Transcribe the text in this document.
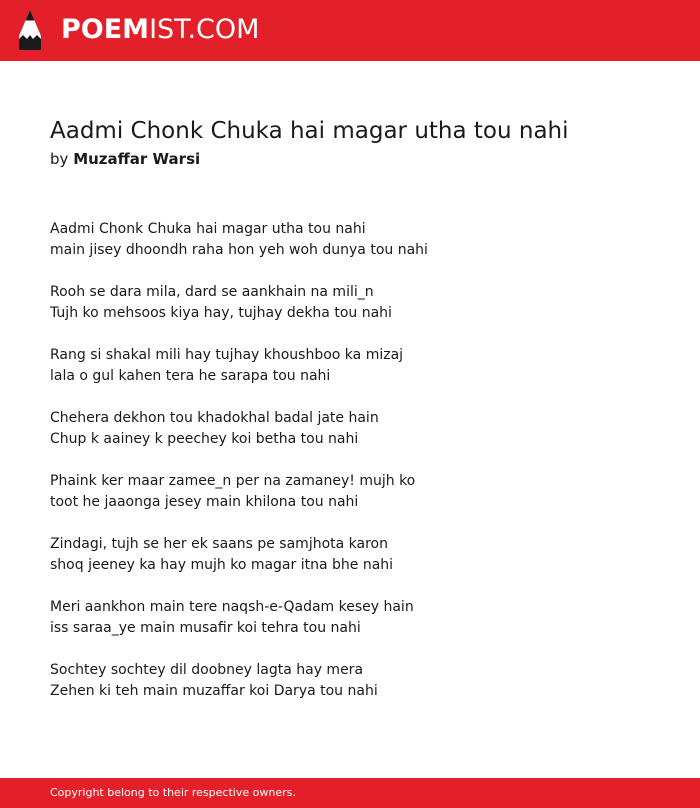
POEMIST.COM
Aadmi Chonk Chuka hai magar utha tou nahi
by Muzaffar Warsi
Aadmi Chonk Chuka hai magar utha tou nahi
main jisey dhoondh raha hon yeh woh dunya tou nahi
Rooh se dara mila, dard se aankhain na mili_n
Tujh ko mehsoos kiya hay, tujhay dekha tou nahi
Rang si shakal mili hay tujhay khoushboo ka mizaj
lala o gul kahen tera he sarapa tou nahi
Chehera dekhon tou khadokhal badal jate hain
Chup k aainey k peechey koi betha tou nahi
Phaink ker maar zamee_n per na zamaney! mujh ko
toot he jaaonga jesey main khilona tou nahi
Zindagi, tujh se her ek saans pe samjhota karon
shoq jeeney ka hay mujh ko magar itna bhe nahi
Meri aankhon main tere naqsh-e-Qadam kesey hain
iss saraa_ye main musafir koi tehra tou nahi
Sochtey sochtey dil doobney lagta hay mera
Zehen ki teh main muzaffar koi Darya tou nahi
Copyright belong to their respective owners.
